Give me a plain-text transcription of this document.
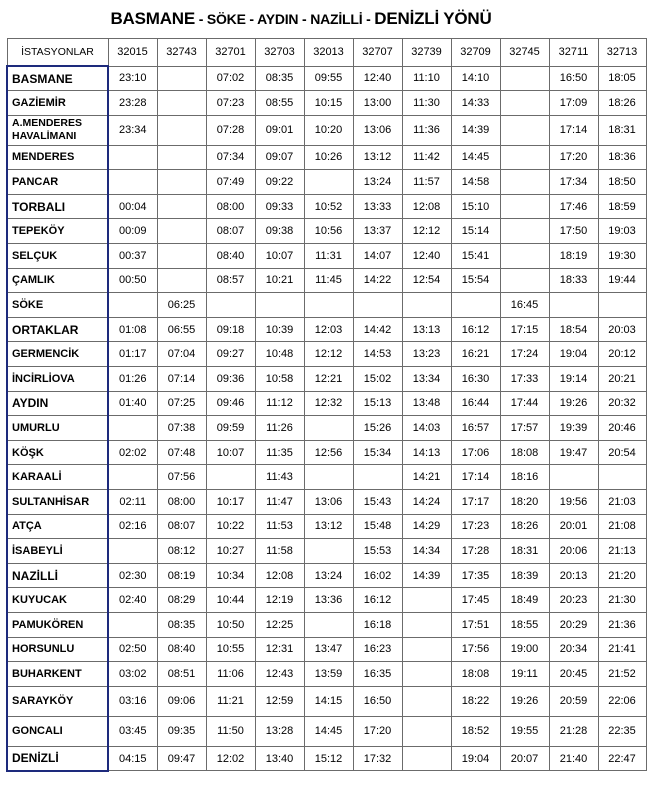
BASMANE - SÖKE - AYDIN - NAZİLLİ - DENİZLİ YÖNÜ
İSTASYONLAR	32015	32743	32701	32703	32013	32707	32739	32709	32745	32711	32713
BASMANE	23:10		07:02	08:35	09:55	12:40	11:10	14:10		16:50	18:05
GAZİEMİR	23:28		07:23	08:55	10:15	13:00	11:30	14:33		17:09	18:26
A.MENDERES HAVALİMANI	23:34		07:28	09:01	10:20	13:06	11:36	14:39		17:14	18:31
MENDERES			07:34	09:07	10:26	13:12	11:42	14:45		17:20	18:36
PANCAR			07:49	09:22		13:24	11:57	14:58		17:34	18:50
TORBALI	00:04		08:00	09:33	10:52	13:33	12:08	15:10		17:46	18:59
TEPEKÖY	00:09		08:07	09:38	10:56	13:37	12:12	15:14		17:50	19:03
SELÇUK	00:37		08:40	10:07	11:31	14:07	12:40	15:41		18:19	19:30
ÇAMLIK	00:50		08:57	10:21	11:45	14:22	12:54	15:54		18:33	19:44
SÖKE		06:25							16:45		
ORTAKLAR	01:08	06:55	09:18	10:39	12:03	14:42	13:13	16:12	17:15	18:54	20:03
GERMENCİK	01:17	07:04	09:27	10:48	12:12	14:53	13:23	16:21	17:24	19:04	20:12
İNCİRLİOVA	01:26	07:14	09:36	10:58	12:21	15:02	13:34	16:30	17:33	19:14	20:21
AYDIN	01:40	07:25	09:46	11:12	12:32	15:13	13:48	16:44	17:44	19:26	20:32
UMURLU		07:38	09:59	11:26		15:26	14:03	16:57	17:57	19:39	20:46
KÖŞK	02:02	07:48	10:07	11:35	12:56	15:34	14:13	17:06	18:08	19:47	20:54
KARAALİ		07:56		11:43			14:21	17:14	18:16		
SULTANHİSAR	02:11	08:00	10:17	11:47	13:06	15:43	14:24	17:17	18:20	19:56	21:03
ATÇA	02:16	08:07	10:22	11:53	13:12	15:48	14:29	17:23	18:26	20:01	21:08
İSABEYLİ		08:12	10:27	11:58		15:53	14:34	17:28	18:31	20:06	21:13
NAZİLLİ	02:30	08:19	10:34	12:08	13:24	16:02	14:39	17:35	18:39	20:13	21:20
KUYUCAK	02:40	08:29	10:44	12:19	13:36	16:12		17:45	18:49	20:23	21:30
PAMUKÖREN		08:35	10:50	12:25		16:18		17:51	18:55	20:29	21:36
HORSUNLU	02:50	08:40	10:55	12:31	13:47	16:23		17:56	19:00	20:34	21:41
BUHARKENT	03:02	08:51	11:06	12:43	13:59	16:35		18:08	19:11	20:45	21:52
SARAYKÖY	03:16	09:06	11:21	12:59	14:15	16:50		18:22	19:26	20:59	22:06
GONCALI	03:45	09:35	11:50	13:28	14:45	17:20		18:52	19:55	21:28	22:35
DENİZLİ	04:15	09:47	12:02	13:40	15:12	17:32		19:04	20:07	21:40	22:47
